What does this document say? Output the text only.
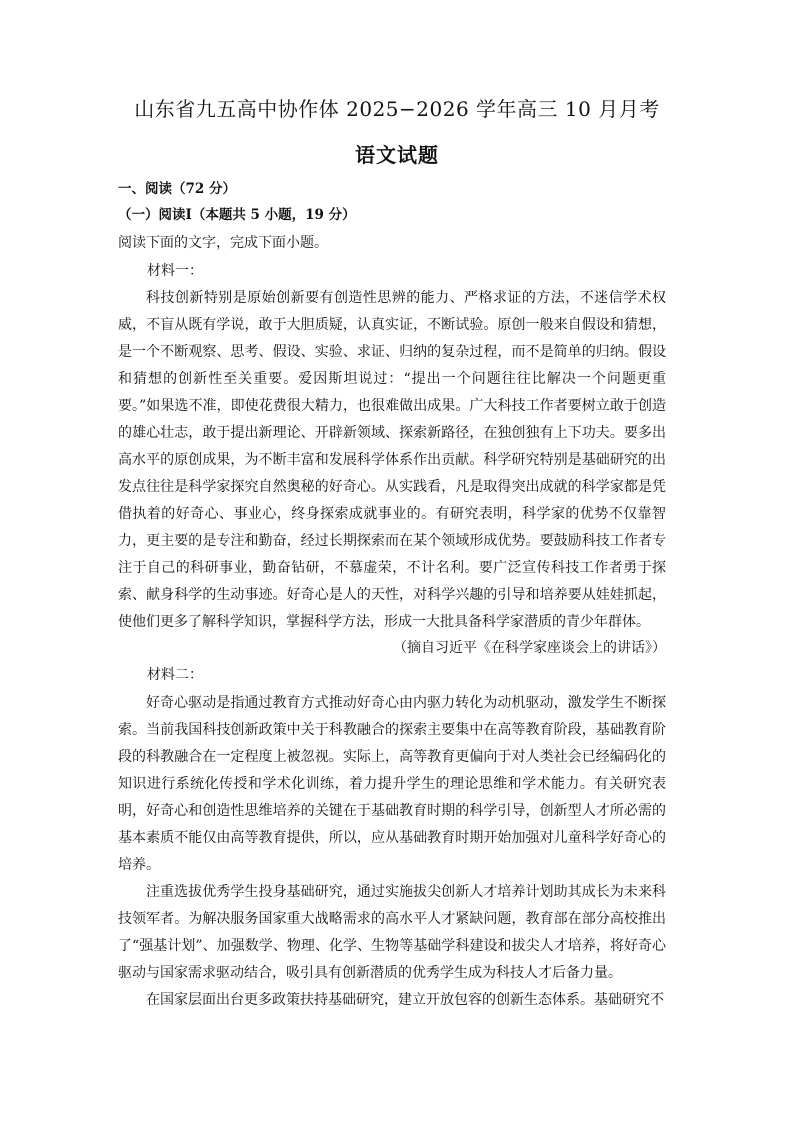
山东省九五高中协作体 2025−2026 学年高三 10 月月考
语文试题
一、阅读（72 分）
（一）阅读Ⅰ（本题共 5 小题，19 分）
阅读下面的文字，完成下面小题。
材料一：

科技创新特别是原始创新要有创造性思辨的能力、严格求证的方法，不迷信学术权威，不盲从既有学说，敢于大胆质疑，认真实证，不断试验。原创一般来自假设和猜想，是一个不断观察、思考、假设、实验、求证、归纳的复杂过程，而不是简单的归纳。假设和猜想的创新性至关重要。爱因斯坦说过：“提出一个问题往往比解决一个问题更重要。”如果选不准，即使花费很大精力，也很难做出成果。广大科技工作者要树立敢于创造的雄心壮志，敢于提出新理论、开辟新领域、探索新路径，在独创独有上下功夫。要多出高水平的原创成果，为不断丰富和发展科学体系作出贡献。科学研究特别是基础研究的出发点往往是科学家探究自然奥秘的好奇心。从实践看，凡是取得突出成就的科学家都是凭借执着的好奇心、事业心，终身探索成就事业的。有研究表明，科学家的优势不仅靠智力，更主要的是专注和勤奋，经过长期探索而在某个领域形成优势。要鼓励科技工作者专注于自己的科研事业，勤奋钻研，不慕虚荣，不计名利。要广泛宣传科技工作者勇于探索、献身科学的生动事迹。好奇心是人的天性，对科学兴趣的引导和培养要从娃娃抓起，使他们更多了解科学知识，掌握科学方法，形成一大批具备科学家潜质的青少年群体。

（摘自习近平《在科学家座谈会上的讲话》）
材料二：

好奇心驱动是指通过教育方式推动好奇心由内驱力转化为动机驱动，激发学生不断探索。当前我国科技创新政策中关于科教融合的探索主要集中在高等教育阶段，基础教育阶段的科教融合在一定程度上被忽视。实际上，高等教育更偏向于对人类社会已经编码化的知识进行系统化传授和学术化训练，着力提升学生的理论思维和学术能力。有关研究表明，好奇心和创造性思维培养的关键在于基础教育时期的科学引导，创新型人才所必需的基本素质不能仅由高等教育提供，所以，应从基础教育时期开始加强对儿童科学好奇心的培养。

注重选拔优秀学生投身基础研究，通过实施拔尖创新人才培养计划助其成长为未来科技领军者。为解决服务国家重大战略需求的高水平人才紧缺问题，教育部在部分高校推出了“强基计划”、加强数学、物理、化学、生物等基础学科建设和拔尖人才培养，将好奇心驱动与国家需求驱动结合，吸引具有创新潜质的优秀学生成为科技人才后备力量。

在国家层面出台更多政策扶持基础研究，建立开放包容的创新生态体系。基础研究不
